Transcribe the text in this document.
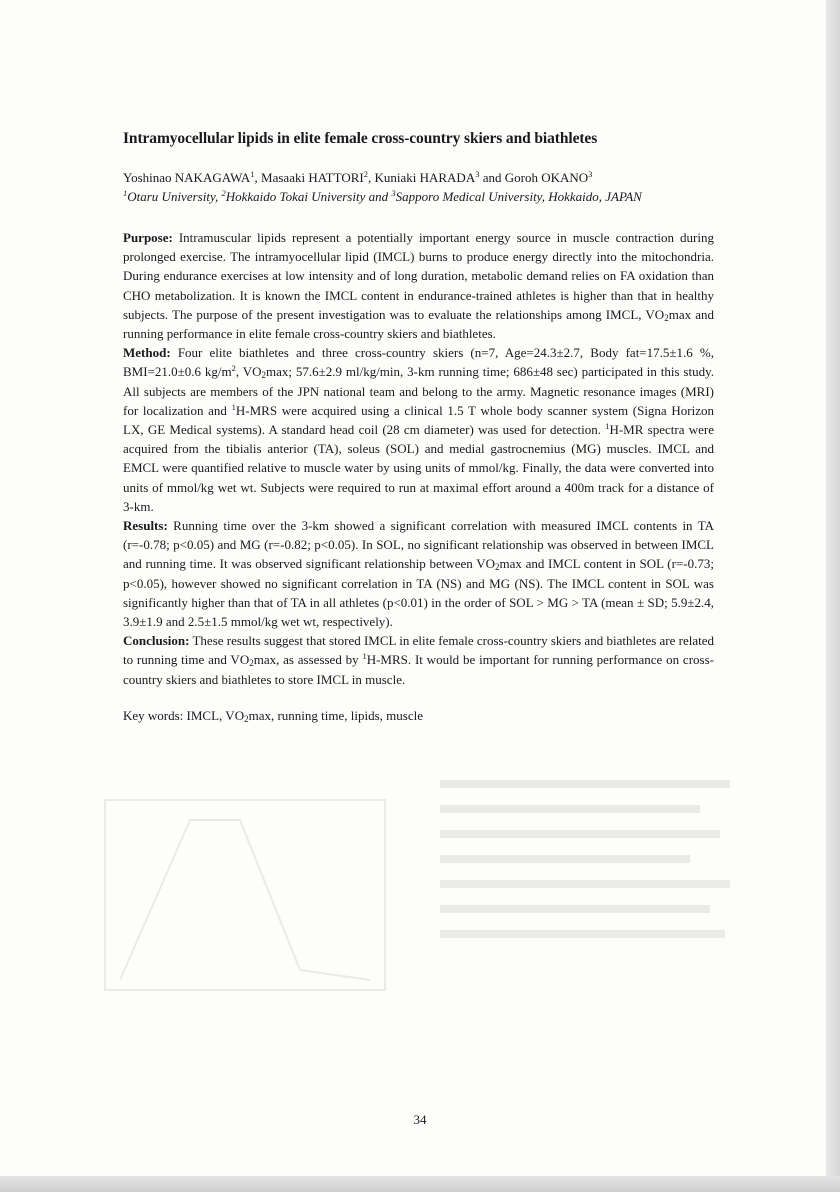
Intramyocellular lipids in elite female cross-country skiers and biathletes
Yoshinao NAKAGAWA$^1$, Masaaki HATTORI$^2$, Kuniaki HARADA$^3$ and Goroh OKANO$^3$
$^1$Otaru University, $^2$Hokkaido Tokai University and $^3$Sapporo Medical University, Hokkaido, JAPAN
Purpose: Intramuscular lipids represent a potentially important energy source in muscle contraction during prolonged exercise. The intramyocellular lipid (IMCL) burns to produce energy directly into the mitochondria. During endurance exercises at low intensity and of long duration, metabolic demand relies on FA oxidation than CHO metabolization. It is known the IMCL content in endurance-trained athletes is higher than that in healthy subjects. The purpose of the present investigation was to evaluate the relationships among IMCL, $VO_2\max$ and running performance in elite female cross-country skiers and biathletes.
Method: Four elite biathletes and three cross-country skiers (n=7, Age=24.3±2.7, Body fat=17.5±1.6 %, BMI=21.0±0.6 $kg/m^2$, $VO_2\max$; 57.6±2.9 ml/kg/min, 3-km running time; 686±48 sec) participated in this study. All subjects are members of the JPN national team and belong to the army. Magnetic resonance images (MRI) for localization and $^1$H-MRS were acquired using a clinical 1.5 T whole body scanner system (Signa Horizon LX, GE Medical systems). A standard head coil (28 cm diameter) was used for detection. $^1$H-MR spectra were acquired from the tibialis anterior (TA), soleus (SOL) and medial gastrocnemius (MG) muscles. IMCL and EMCL were quantified relative to muscle water by using units of mmol/kg. Finally, the data were converted into units of mmol/kg wet wt. Subjects were required to run at maximal effort around a 400m track for a distance of 3-km.
Results: Running time over the 3-km showed a significant correlation with measured IMCL contents in TA (r=-0.78; p<0.05) and MG (r=-0.82; p<0.05). In SOL, no significant relationship was observed in between IMCL and running time. It was observed significant relationship between $VO_2\max$ and IMCL content in SOL (r=-0.73; p<0.05), however showed no significant correlation in TA (NS) and MG (NS). The IMCL content in SOL was significantly higher than that of TA in all athletes (p<0.01) in the order of SOL > MG > TA (mean ± SD; 5.9±2.4, 3.9±1.9 and 2.5±1.5 mmol/kg wet wt, respectively).
Conclusion: These results suggest that stored IMCL in elite female cross-country skiers and biathletes are related to running time and $VO_2\max$, as assessed by $^1$H-MRS. It would be important for running performance on cross-country skiers and biathletes to store IMCL in muscle.
Key words: IMCL, $VO_2\max$, running time, lipids, muscle
34
